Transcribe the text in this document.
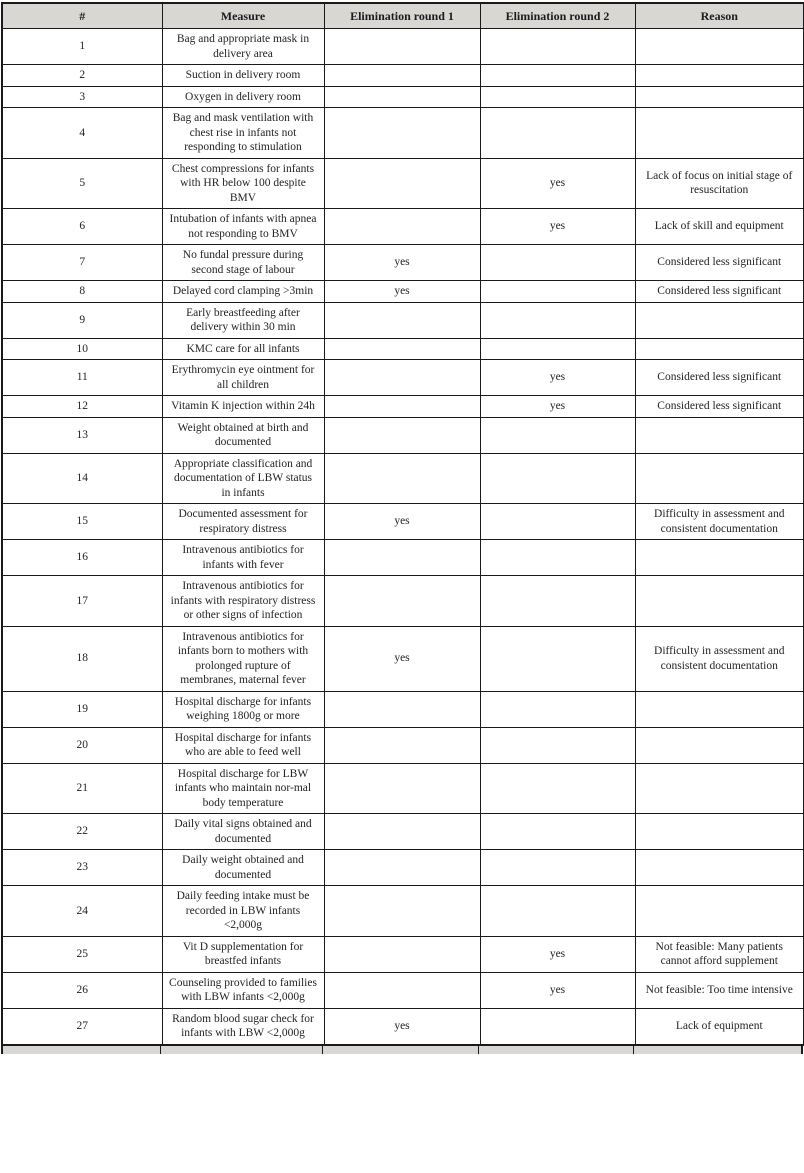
#	Measure	Elimination round 1	Elimination round 2	Reason
1	Bag and appropriate mask in delivery area			
2	Suction in delivery room			
3	Oxygen in delivery room			
4	Bag and mask ventilation with chest rise in infants not responding to stimulation			
5	Chest compressions for infants with HR below 100 despite BMV		yes	Lack of focus on initial stage of resuscitation
6	Intubation of infants with apnea not responding to BMV		yes	Lack of skill and equipment
7	No fundal pressure during second stage of labour	yes		Considered less significant
8	Delayed cord clamping >3min	yes		Considered less significant
9	Early breastfeeding after delivery within 30 min			
10	KMC care for all infants			
11	Erythromycin eye ointment for all children		yes	Considered less significant
12	Vitamin K injection within 24h		yes	Considered less significant
13	Weight obtained at birth and documented			
14	Appropriate classification and documentation of LBW status in infants			
15	Documented assessment for respiratory distress	yes		Difficulty in assessment and consistent documentation
16	Intravenous antibiotics for infants with fever			
17	Intravenous antibiotics for infants with respiratory distress or other signs of infection			
18	Intravenous antibiotics for infants born to mothers with prolonged rupture of membranes, maternal fever	yes		Difficulty in assessment and consistent documentation
19	Hospital discharge for infants weighing 1800g or more			
20	Hospital discharge for infants who are able to feed well			
21	Hospital discharge for LBW infants who maintain nor-mal body temperature			
22	Daily vital signs obtained and documented			
23	Daily weight obtained and documented			
24	Daily feeding intake must be recorded in LBW infants <2,000g			
25	Vit D supplementation for breastfed infants		yes	Not feasible: Many patients cannot afford supplement
26	Counseling provided to families with LBW infants <2,000g		yes	Not feasible: Too time intensive
27	Random blood sugar check for infants with LBW <2,000g	yes		Lack of equipment
